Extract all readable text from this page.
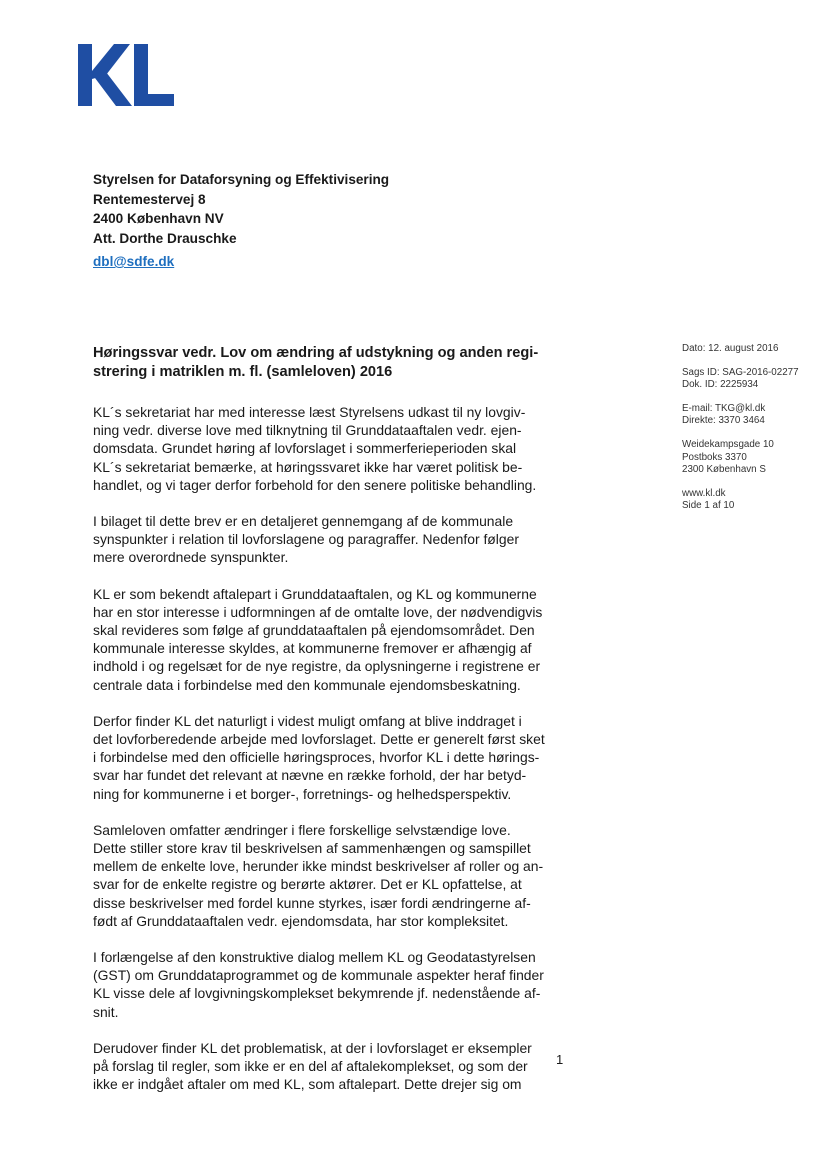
Styrelsen for Dataforsyning og Effektivisering
Rentemestervej 8
2400 København NV
Att. Dorthe Drauschke
dbl@sdfe.dk
Høringssvar vedr. Lov om ændring af udstykning og anden regi-
strering i matriklen m. fl. (samleloven) 2016

KL´s sekretariat har med interesse læst Styrelsens udkast til ny lovgiv-
ning vedr. diverse love med tilknytning til Grunddataaftalen vedr. ejen-
domsdata. Grundet høring af lovforslaget i sommerferieperioden skal
KL´s sekretariat bemærke, at høringssvaret ikke har været politisk be-
handlet, og vi tager derfor forbehold for den senere politiske behandling.

I bilaget til dette brev er en detaljeret gennemgang af de kommunale
synspunkter i relation til lovforslagene og paragraffer. Nedenfor følger
mere overordnede synspunkter.

KL er som bekendt aftalepart i Grunddataaftalen, og KL og kommunerne
har en stor interesse i udformningen af de omtalte love, der nødvendigvis
skal revideres som følge af grunddataaftalen på ejendomsområdet. Den
kommunale interesse skyldes, at kommunerne fremover er afhængig af
indhold i og regelsæt for de nye registre, da oplysningerne i registrene er
centrale data i forbindelse med den kommunale ejendomsbeskatning.

Derfor finder KL det naturligt i videst muligt omfang at blive inddraget i
det lovforberedende arbejde med lovforslaget. Dette er generelt først sket
i forbindelse med den officielle høringsproces, hvorfor KL i dette hørings-
svar har fundet det relevant at nævne en række forhold, der har betyd-
ning for kommunerne i et borger-, forretnings- og helhedsperspektiv.

Samleloven omfatter ændringer i flere forskellige selvstændige love.
Dette stiller store krav til beskrivelsen af sammenhængen og samspillet
mellem de enkelte love, herunder ikke mindst beskrivelser af roller og an-
svar for de enkelte registre og berørte aktører. Det er KL opfattelse, at
disse beskrivelser med fordel kunne styrkes, især fordi ændringerne af-
født af Grunddataaftalen vedr. ejendomsdata, har stor kompleksitet.

I forlængelse af den konstruktive dialog mellem KL og Geodatastyrelsen
(GST) om Grunddataprogrammet og de kommunale aspekter heraf finder
KL visse dele af lovgivningskomplekset bekymrende jf. nedenstående af-
snit.

Derudover finder KL det problematisk, at der i lovforslaget er eksempler
på forslag til regler, som ikke er en del af aftalekomplekset, og som der
ikke er indgået aftaler om med KL, som aftalepart. Dette drejer sig om

Dato: 12. august 2016
Sags ID: SAG-2016-02277
Dok. ID: 2225934
E-mail: TKG@kl.dk
Direkte: 3370 3464
Weidekampsgade 10
Postboks 3370
2300 København S
www.kl.dk
Side 1 af 10
1
